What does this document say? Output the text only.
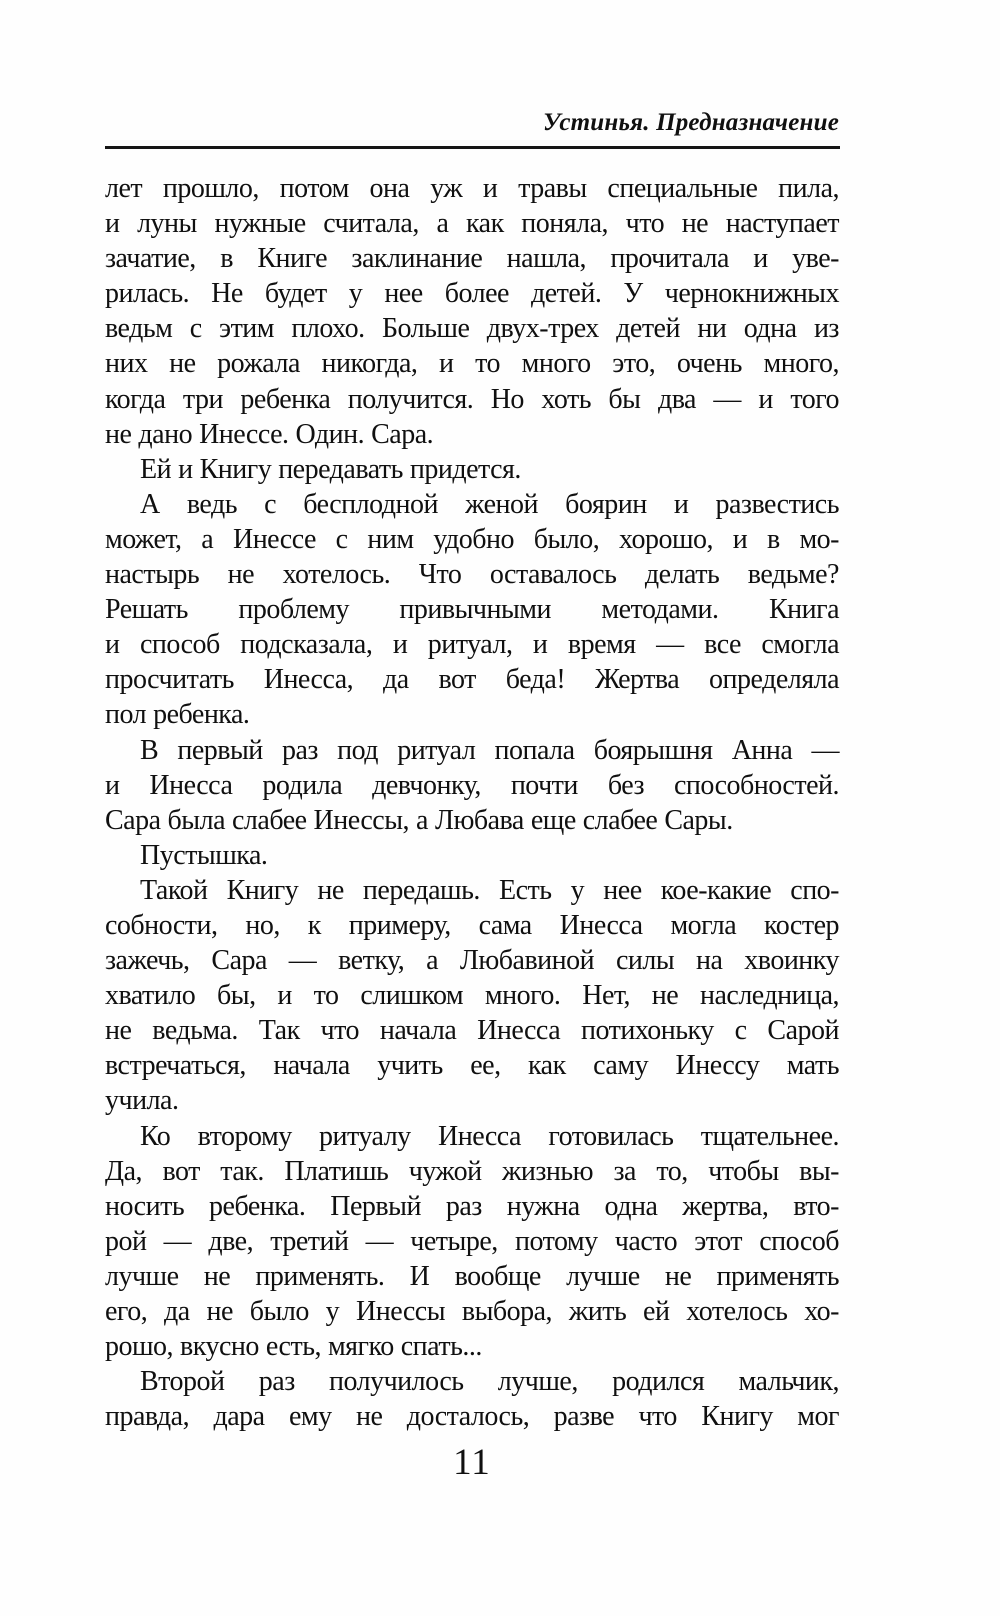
Устинья. Предназначение
лет прошло, потом она уж и травы специальные пила,
и луны нужные считала, а как поняла, что не наступает
зачатие, в Книге заклинание нашла, прочитала и уве-
рилась. Не будет у нее более детей. У чернокнижных
ведьм с этим плохо. Больше двух-трех детей ни одна из
них не рожала никогда, и то много это, очень много,
когда три ребенка получится. Но хоть бы два — и того
не дано Инессе. Один. Сара.
Ей и Книгу передавать придется.
А ведь с бесплодной женой боярин и развестись
может, а Инессе с ним удобно было, хорошо, и в мо-
настырь не хотелось. Что оставалось делать ведьме?
Решать проблему привычными методами. Книга
и способ подсказала, и ритуал, и время — все смогла
просчитать Инесса, да вот беда! Жертва определяла
пол ребенка.
В первый раз под ритуал попала боярышня Анна —
и Инесса родила девчонку, почти без способностей.
Сара была слабее Инессы, а Любава еще слабее Сары.
Пустышка.
Такой Книгу не передашь. Есть у нее кое-какие спо-
собности, но, к примеру, сама Инесса могла костер
зажечь, Сара — ветку, а Любавиной силы на хвоинку
хватило бы, и то слишком много. Нет, не наследница,
не ведьма. Так что начала Инесса потихоньку с Сарой
встречаться, начала учить ее, как саму Инессу мать
учила.
Ко второму ритуалу Инесса готовилась тщательнее.
Да, вот так. Платишь чужой жизнью за то, чтобы вы-
носить ребенка. Первый раз нужна одна жертва, вто-
рой — две, третий — четыре, потому часто этот способ
лучше не применять. И вообще лучше не применять
его, да не было у Инессы выбора, жить ей хотелось хо-
рошо, вкусно есть, мягко спать...
Второй раз получилось лучше, родился мальчик,
правда, дара ему не досталось, разве что Книгу мог
11
